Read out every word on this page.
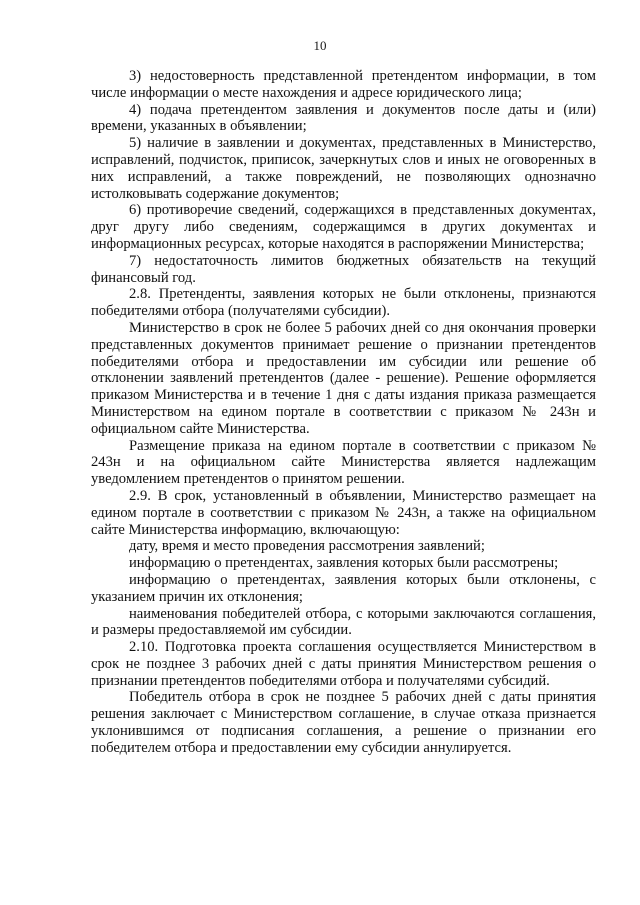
10

3) недостоверность представленной претендентом информации, в том числе информации о месте нахождения и адресе юридического лица;

4) подача претендентом заявления и документов после даты и (или) времени, указанных в объявлении;

5) наличие в заявлении и документах, представленных в Министерство, исправлений, подчисток, приписок, зачеркнутых слов и иных не оговоренных в них исправлений, а также повреждений, не позволяющих однозначно истолковывать содержание документов;

6) противоречие сведений, содержащихся в представленных документах, друг другу либо сведениям, содержащимся в других документах и информационных ресурсах, которые находятся в распоряжении Министерства;

7) недостаточность лимитов бюджетных обязательств на текущий финансовый год.

2.8. Претенденты, заявления которых не были отклонены, признаются победителями отбора (получателями субсидии).

Министерство в срок не более 5 рабочих дней со дня окончания проверки представленных документов принимает решение о признании претендентов победителями отбора и предоставлении им субсидии или решение об отклонении заявлений претендентов (далее - решение). Решение оформляется приказом Министерства и в течение 1 дня с даты издания приказа размещается Министерством на едином портале в соответствии с приказом № 243н и официальном сайте Министерства.

Размещение приказа на едином портале в соответствии с приказом № 243н и на официальном сайте Министерства является надлежащим уведомлением претендентов о принятом решении.

2.9. В срок, установленный в объявлении, Министерство размещает на едином портале в соответствии с приказом № 243н, а также на официальном сайте Министерства информацию, включающую:

дату, время и место проведения рассмотрения заявлений;

информацию о претендентах, заявления которых были рассмотрены;

информацию о претендентах, заявления которых были отклонены, с указанием причин их отклонения;

наименования победителей отбора, с которыми заключаются соглашения, и размеры предоставляемой им субсидии.

2.10. Подготовка проекта соглашения осуществляется Министерством в срок не позднее 3 рабочих дней с даты принятия Министерством решения о признании претендентов победителями отбора и получателями субсидий.

Победитель отбора в срок не позднее 5 рабочих дней с даты принятия решения заключает с Министерством соглашение, в случае отказа признается уклонившимся от подписания соглашения, а решение о признании его победителем отбора и предоставлении ему субсидии аннулируется.
